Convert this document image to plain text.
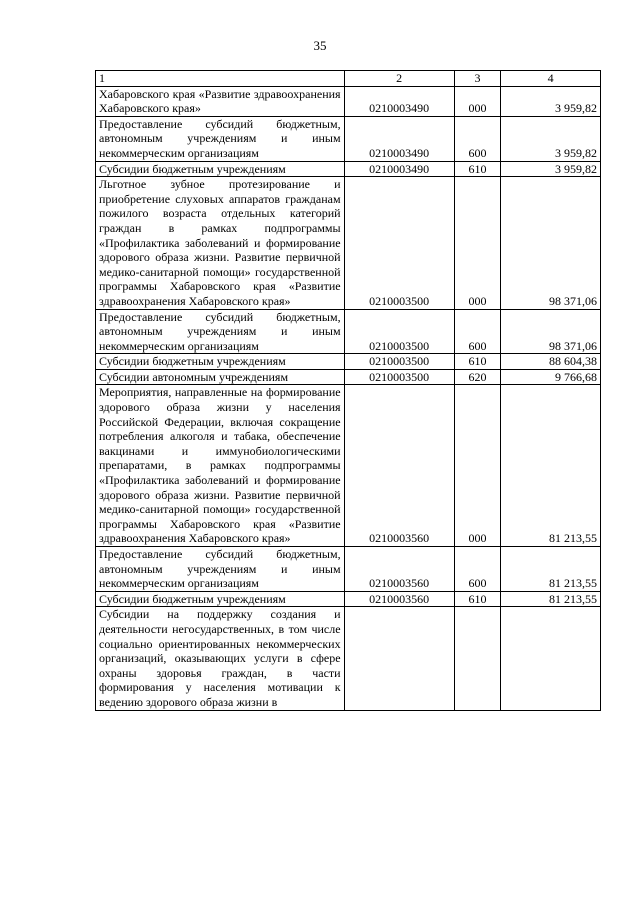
35
1	2	3	4

Хабаровского края «Развитие здравоохранения Хабаровского края»	0210003490	000	3 959,82

Предоставление субсидий бюджетным, автономным учреждениям и иным некоммерческим организациям	0210003490	600	3 959,82

Субсидии бюджетным учреждениям	0210003490	610	3 959,82

Льготное зубное протезирование и приобретение слуховых аппаратов гражданам пожилого возраста отдельных категорий граждан в рамках подпрограммы «Профилактика заболеваний и формирование здорового образа жизни. Развитие первичной медико-санитарной помощи» государственной программы Хабаровского края «Развитие здравоохранения Хабаровского края»	0210003500	000	98 371,06

Предоставление субсидий бюджетным, автономным учреждениям и иным некоммерческим организациям	0210003500	600	98 371,06

Субсидии бюджетным учреждениям	0210003500	610	88 604,38

Субсидии автономным учреждениям	0210003500	620	9 766,68

Мероприятия, направленные на формирование здорового образа жизни у населения Российской Федерации, включая сокращение потребления алкоголя и табака, обеспечение вакцинами и иммунобиологическими препаратами, в рамках подпрограммы «Профилактика заболеваний и формирование здорового образа жизни. Развитие первичной медико-санитарной помощи» государственной программы Хабаровского края «Развитие здравоохранения Хабаровского края»	0210003560	000	81 213,55

Предоставление субсидий бюджетным, автономным учреждениям и иным некоммерческим организациям	0210003560	600	81 213,55

Субсидии бюджетным учреждениям	0210003560	610	81 213,55

Субсидии на поддержку создания и деятельности негосударственных, в том числе социально ориентированных некоммерческих организаций, оказывающих услуги в сфере охраны здоровья граждан, в части формирования у населения мотивации к ведению здорового образа жизни в			
